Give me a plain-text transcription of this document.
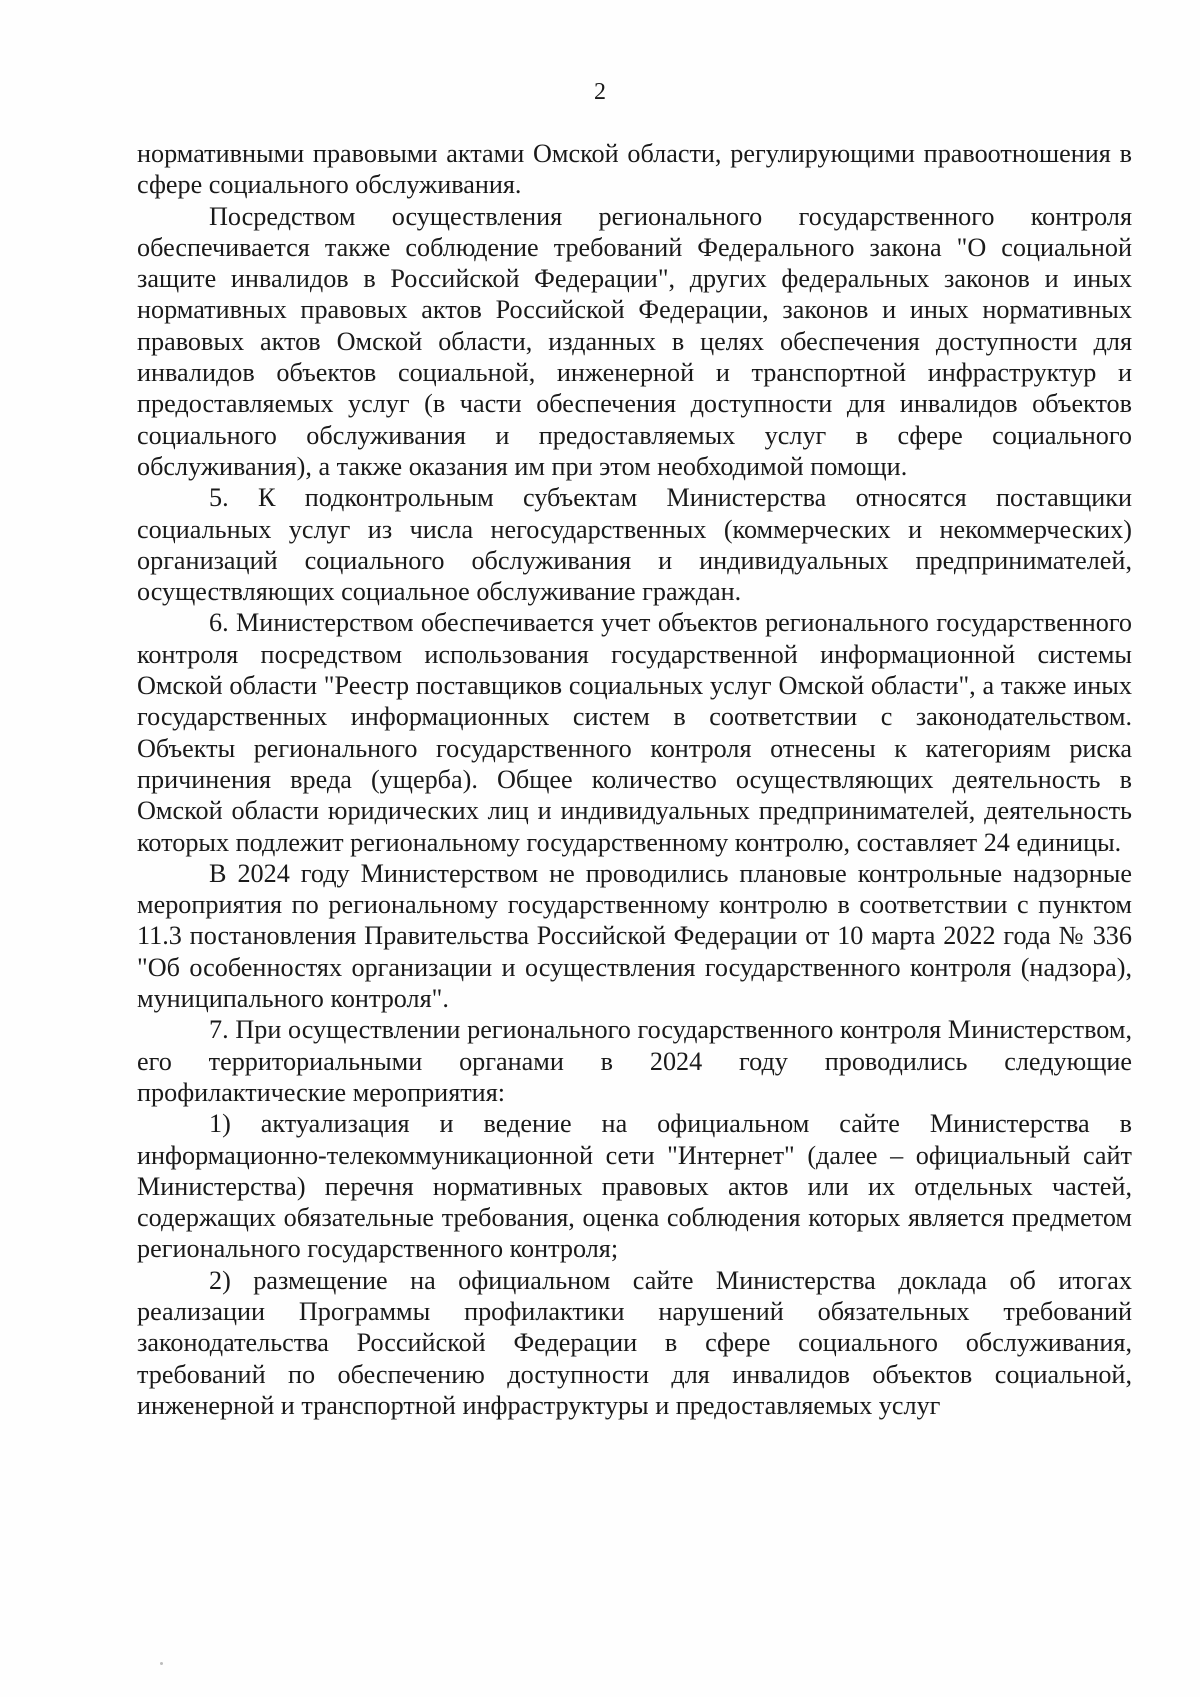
2

нормативными правовыми актами Омской области, регулирующими правоотношения в сфере социального обслуживания.

Посредством осуществления регионального государственного контроля обеспечивается также соблюдение требований Федерального закона "О социальной защите инвалидов в Российской Федерации", других федеральных законов и иных нормативных правовых актов Российской Федерации, законов и иных нормативных правовых актов Омской области, изданных в целях обеспечения доступности для инвалидов объектов социальной, инженерной и транспортной инфраструктур и предоставляемых услуг (в части обеспечения доступности для инвалидов объектов социального обслуживания и предоставляемых услуг в сфере социального обслуживания), а также оказания им при этом необходимой помощи.

5. К подконтрольным субъектам Министерства относятся поставщики социальных услуг из числа негосударственных (коммерческих и некоммерческих) организаций социального обслуживания и индивидуальных предпринимателей, осуществляющих социальное обслуживание граждан.

6. Министерством обеспечивается учет объектов регионального государственного контроля посредством использования государственной информационной системы Омской области "Реестр поставщиков социальных услуг Омской области", а также иных государственных информационных систем в соответствии с законодательством. Объекты регионального государственного контроля отнесены к категориям риска причинения вреда (ущерба). Общее количество осуществляющих деятельность в Омской области юридических лиц и индивидуальных предпринимателей, деятельность которых подлежит региональному государственному контролю, составляет 24 единицы.

В 2024 году Министерством не проводились плановые контрольные надзорные мероприятия по региональному государственному контролю в соответствии с пунктом 11.3 постановления Правительства Российской Федерации от 10 марта 2022 года № 336 "Об особенностях организации и осуществления государственного контроля (надзора), муниципального контроля".

7. При осуществлении регионального государственного контроля Министерством, его территориальными органами в 2024 году проводились следующие профилактические мероприятия:

1) актуализация и ведение на официальном сайте Министерства в информационно-телекоммуникационной сети "Интернет" (далее – официальный сайт Министерства) перечня нормативных правовых актов или их отдельных частей, содержащих обязательные требования, оценка соблюдения которых является предметом регионального государственного контроля;

2) размещение на официальном сайте Министерства доклада об итогах реализации Программы профилактики нарушений обязательных требований законодательства Российской Федерации в сфере социального обслуживания, требований по обеспечению доступности для инвалидов объектов социальной, инженерной и транспортной инфраструктуры и предоставляемых услуг
